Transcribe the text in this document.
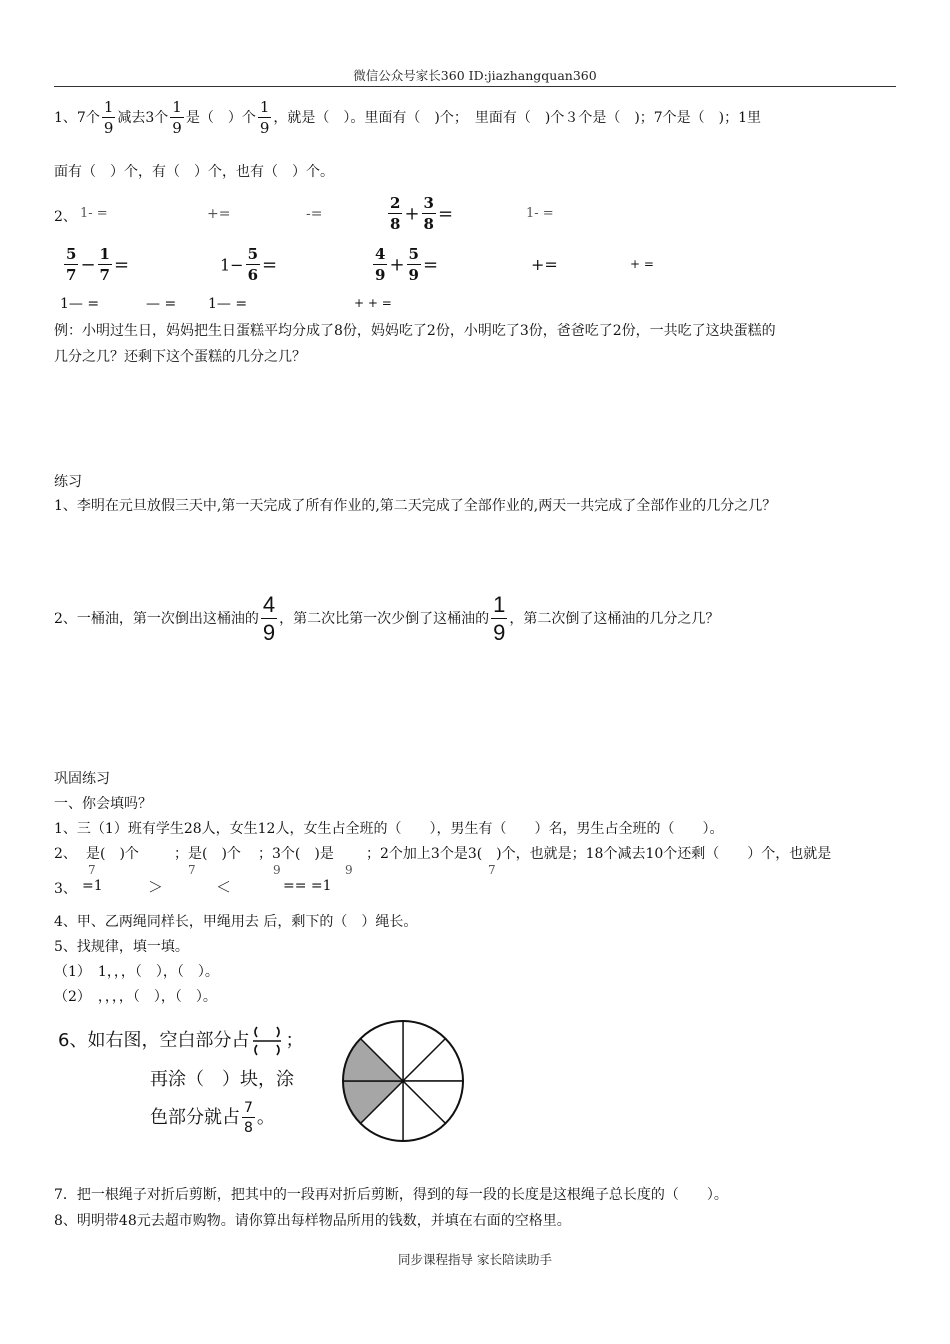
微信公众号家长360 ID:jiazhangquan360
1、7个 $\frac{1}{9}$ 减去3个 $\frac{1}{9}$ 是（　）个 $\frac{1}{9}$ ，就是（　）。里面有（　)个；　里面有（　)个３个是（　)；7个是（　)；1里
面有（　）个，有（　）个，也有（　）个。
2、 1- =	+=	-=	$\frac{2}{8} + \frac{3}{8}$ =	1- =
$\frac{5}{7} - \frac{1}{7}$ =	$1- \frac{5}{6}$ =	$\frac{4}{9} + \frac{5}{9}$ =	+=	+ =
1— =	— = 1— =	+ + =
例：小明过生日，妈妈把生日蛋糕平均分成了8份，妈妈吃了2份，小明吃了3份，爸爸吃了2份，一共吃了这块蛋糕的
几分之几？还剩下这个蛋糕的几分之几？
练习
1、李明在元旦放假三天中,第一天完成了所有作业的,第二天完成了全部作业的,两天一共完成了全部作业的几分之几？
2、一桶油，第一次倒出这桶油的 $\frac{4}{9}$ ，第二次比第一次少倒了这桶油的 $\frac{1}{9}$ ，第二次倒了这桶油的几分之几？
巩固练习
一、你会填吗？
1、三（1）班有学生28人，女生12人，女生占全班的（　　），男生有（　　）名，男生占全班的（　　）。
2、 是(　)个
7
；是(　)个
7
；3个(　)是
9	9
；2个加上3个是3(　)个，也就是；18个减去10个还剩（　　）个，也就是
7
3、 =1	＞	＜	== =1
4、甲、乙两绳同样长，甲绳用去 后，剩下的（　）绳长。
5、找规律，填一填。
（1）　1，，，（　），（　）。
（2）　，，，，（　），（　）。
6、如右图，空白部分占 ；
再涂（　）块，涂
色部分就占 $\frac{7}{8}$ 。
7．把一根绳子对折后剪断，把其中的一段再对折后剪断，得到的每一段的长度是这根绳子总长度的（　　）。
8、明明带48元去超市购物。请你算出每样物品所用的钱数，并填在右面的空格里。
同步课程指导 家长陪读助手
